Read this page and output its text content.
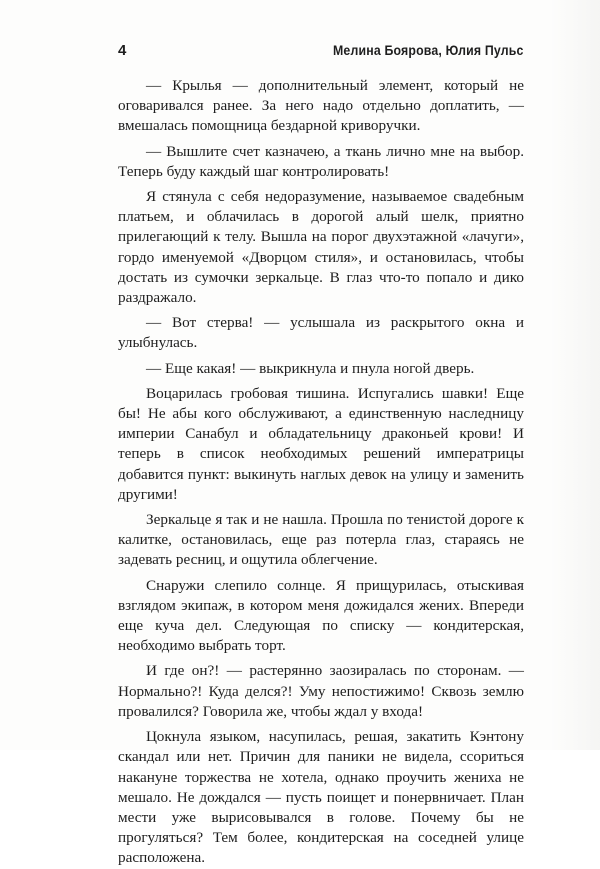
4	Мелина Боярова, Юлия Пульс

— Крылья — дополнительный элемент, который не оговаривался ранее. За него надо отдельно доплатить, — вмешалась помощница бездарной криворучки.

— Вышлите счет казначею, а ткань лично мне на выбор. Теперь буду каждый шаг контролировать!

Я стянула с себя недоразумение, называемое свадебным платьем, и облачилась в дорогой алый шелк, приятно прилегающий к телу. Вышла на порог двухэтажной «лачуги», гордо именуемой «Дворцом стиля», и остановилась, чтобы достать из сумочки зеркальце. В глаз что-то попало и дико раздражало.

— Вот стерва! — услышала из раскрытого окна и улыбнулась.

— Еще какая! — выкрикнула и пнула ногой дверь.

Воцарилась гробовая тишина. Испугались шавки! Еще бы! Не абы кого обслуживают, а единственную наследницу империи Санабул и обладательницу драконьей крови! И теперь в список необходимых решений императрицы добавится пункт: выкинуть наглых девок на улицу и заменить другими!

Зеркальце я так и не нашла. Прошла по тенистой дороге к калитке, остановилась, еще раз потерла глаз, стараясь не задевать ресниц, и ощутила облегчение.

Снаружи слепило солнце. Я прищурилась, отыскивая взглядом экипаж, в котором меня дожидался жених. Впереди еще куча дел. Следующая по списку — кондитерская, необходимо выбрать торт.

И где он?! — растерянно заозиралась по сторонам. — Нормально?! Куда делся?! Уму непостижимо! Сквозь землю провалился? Говорила же, чтобы ждал у входа!

Цокнула языком, насупилась, решая, закатить Кэнтону скандал или нет. Причин для паники не видела, ссориться накануне торжества не хотела, однако проучить жениха не мешало. Не дождался — пусть поищет и понервничает. План мести уже вырисовывался в голове. Почему бы не прогуляться? Тем более, кондитерская на соседней улице расположена.
